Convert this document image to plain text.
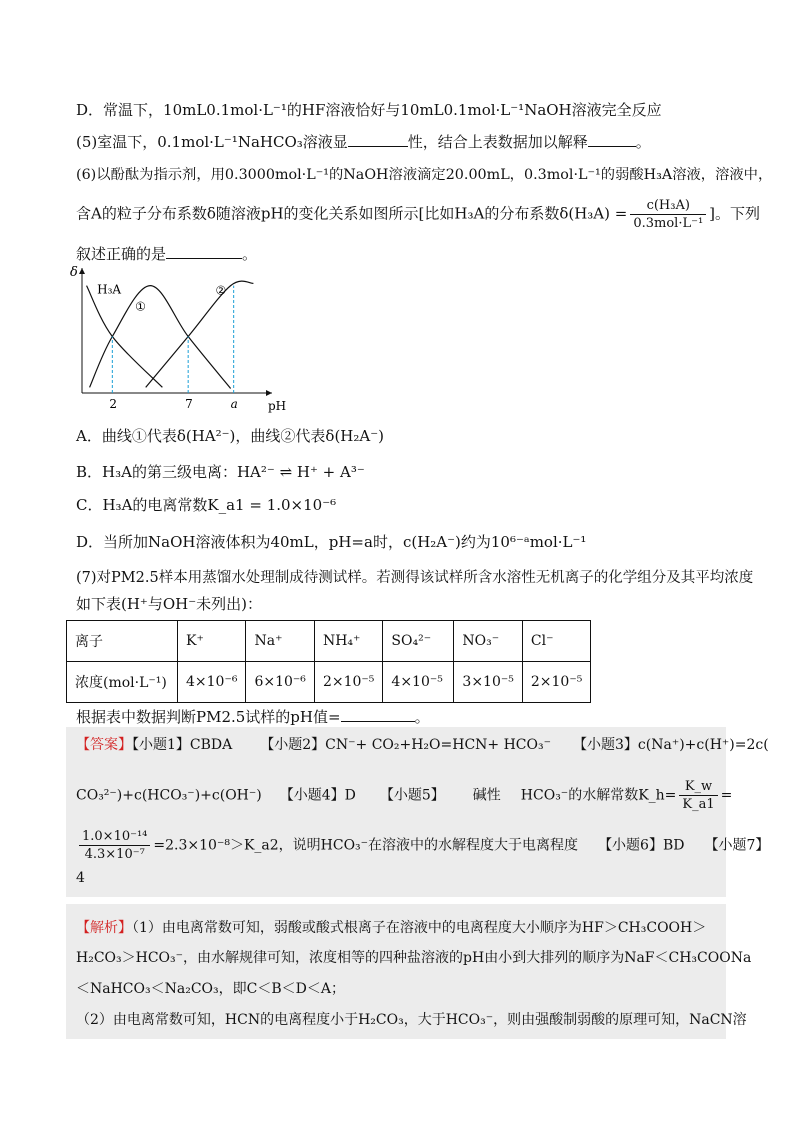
D．常温下，10mL0.1mol·L⁻¹的HF溶液恰好与10mL0.1mol·L⁻¹NaOH溶液完全反应
(5)室温下，0.1mol·L⁻¹NaHCO₃溶液显	性，结合上表数据加以解释	。
(6)以酚酞为指示剂，用0.3000mol·L⁻¹的NaOH溶液滴定20.00mL，0.3mol·L⁻¹的弱酸H₃A溶液，溶液中，
含A的粒子分布系数δ随溶液pH的变化关系如图所示[比如H₃A的分布系数$\delta(H_3A) = \frac{\text{c(H₃A)}}{\text{0.3mol·L⁻¹}}$ ]。下列
叙述正确的是	。
δ
pH
2	7	a
H₃A
①
②
A．曲线①代表δ(HA²⁻)，曲线②代表δ(H₂A⁻)
B．H₃A的第三级电离：HA²⁻ ⇌ H⁺ + A³⁻
C．H₃A的电离常数K_a1 = 1.0×10⁻⁶
D．当所加NaOH溶液体积为40mL，pH=a时，c(H₂A⁻)约为10⁶⁻ᵃmol·L⁻¹
(7)对PM2.5样本用蒸馏水处理制成待测试样。若测得该试样所含水溶性无机离子的化学组分及其平均浓度
如下表(H⁺与OH⁻未列出)：
离子	K⁺	Na⁺	NH₄⁺	SO₄²⁻	NO₃⁻	Cl⁻
浓度(mol·L⁻¹)	4×10⁻⁶	6×10⁻⁶	2×10⁻⁵	4×10⁻⁵	3×10⁻⁵	2×10⁻⁵
根据表中数据判断PM2.5试样的pH值=	。
【答案】【小题1】CBDA 【小题2】CN⁻+ CO₂+H₂O=HCN+ HCO₃⁻ 【小题3】c(Na⁺)+c(H⁺)=2c(
CO₃²⁻)+c(HCO₃⁻)+c(OH⁻) 【小题4】D 【小题5】 碱性 HCO₃⁻的水解常数K_h= $\frac{K\_w}{K\_a1}$ =
$\frac{\text{1.0×10⁻¹⁴}}{\text{4.3×10⁻⁷}}$ =2.3×10⁻⁸＞K_a2，说明HCO₃⁻在溶液中的水解程度大于电离程度 【小题6】BD 【小题7】
4
【解析】（1）由电离常数可知，弱酸或酸式根离子在溶液中的电离程度大小顺序为HF＞CH₃COOH＞
H₂CO₃＞HCO₃⁻，由水解规律可知，浓度相等的四种盐溶液的pH由小到大排列的顺序为NaF＜CH₃COONa
＜NaHCO₃＜Na₂CO₃，即C＜B＜D＜A；
（2）由电离常数可知，HCN的电离程度小于H₂CO₃，大于HCO₃⁻，则由强酸制弱酸的原理可知，NaCN溶
